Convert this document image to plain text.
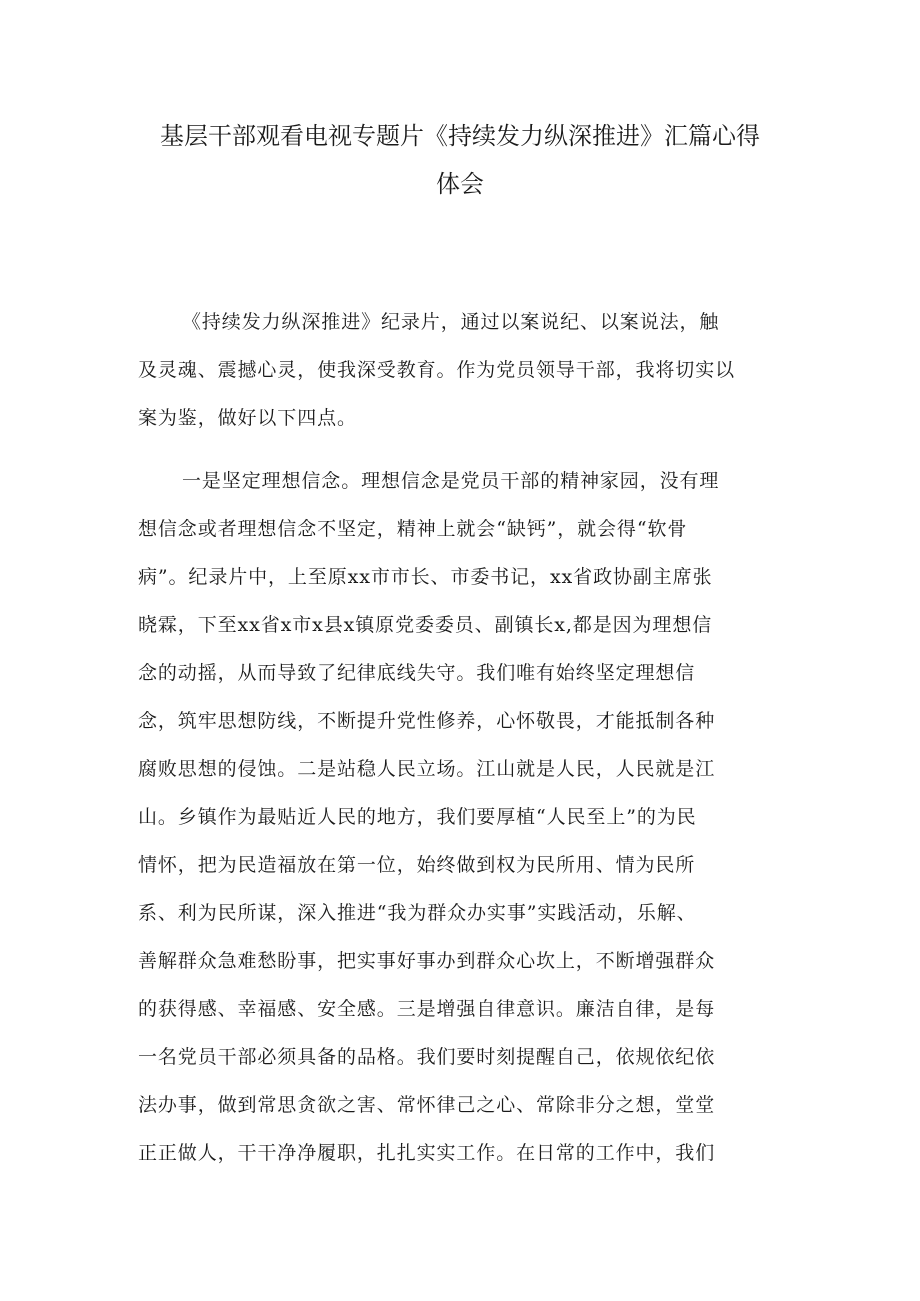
基层干部观看电视专题片《持续发力纵深推进》汇篇心得
体会

《持续发力纵深推进》纪录片，通过以案说纪、以案说法，触
及灵魂、震撼心灵，使我深受教育。作为党员领导干部，我将切实以
案为鉴，做好以下四点。

一是坚定理想信念。理想信念是党员干部的精神家园，没有理
想信念或者理想信念不坚定，精神上就会“缺钙”，就会得“软骨
病”。纪录片中，上至原xx市市长、市委书记，xx省政协副主席张
晓霖，下至xx省x市x县x镇原党委委员、副镇长x,都是因为理想信
念的动摇，从而导致了纪律底线失守。我们唯有始终坚定理想信
念，筑牢思想防线，不断提升党性修养，心怀敬畏，才能抵制各种
腐败思想的侵蚀。二是站稳人民立场。江山就是人民，人民就是江
山。乡镇作为最贴近人民的地方，我们要厚植“人民至上”的为民
情怀，把为民造福放在第一位，始终做到权为民所用、情为民所
系、利为民所谋，深入推进“我为群众办实事”实践活动，乐解、
善解群众急难愁盼事，把实事好事办到群众心坎上，不断增强群众
的获得感、幸福感、安全感。三是增强自律意识。廉洁自律，是每
一名党员干部必须具备的品格。我们要时刻提醒自己，依规依纪依
法办事，做到常思贪欲之害、常怀律己之心、常除非分之想，堂堂
正正做人，干干净净履职，扎扎实实工作。在日常的工作中，我们
